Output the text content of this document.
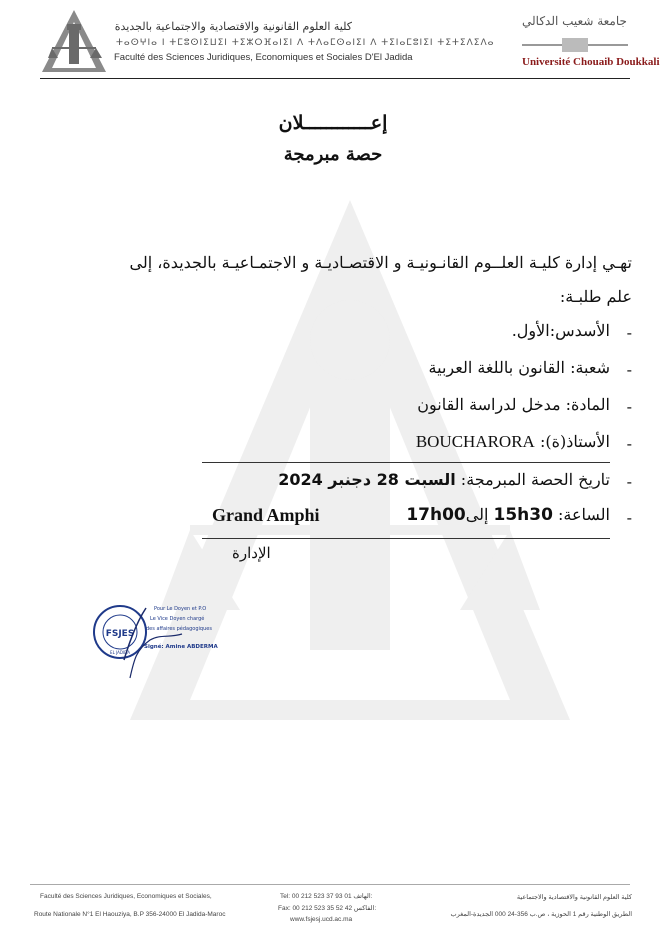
كلية العلوم القانونية والاقتصادية والاجتماعية بالجديدة
ⵜⴰⵙⵖⵏⴰ ⵏ ⵜⵎⵓⵙⵏⵉⵡⵉⵏ ⵜⵉⵣⵔⴼⴰⵏⵉⵏ ⴷ ⵜⴷⴰⵎⵙⴰⵏⵉⵏ ⴷ ⵜⵉⵏⴰⵎⵓⵏⵉⵏ ⵜⵉⵜⵉⴷⵉⴷⴰ
Faculté des Sciences Juridiques, Economiques et Sociales D'El Jadida
جامعة شعيب الدكالي
Université Chouaib Doukkali
إعــــــــــــلان
حصة مبرمجة
تهـي إدارة كليـة العلــوم القانـونيـة و الاقتصـاديـة و الاجتمـاعيـة بالجديدة، إلى
علم طلبـة:
-
الأسدس:الأول.
-
شعبة: القانون باللغة العربية
-
المادة: مدخل لدراسة القانون
-
الأستاذ(ة): BOUCHARORA
-
تاريخ الحصة المبرمجة: السبت 28 دجنبر 2024
-
الساعة: 15h30 إلى17h00
Grand Amphi
الإدارة
FSJES
EL JADIDA
Pour Le Doyen et P.O
Le Vice Doyen chargé
des affaires pédagogiques
Signé: Amine ABDERMA
Faculté des Sciences Juridiques, Economiques et Sociales,
Route Nationale N°1 El Haouziya, B.P 356-24000 El Jadida-Maroc
Tel: 00 212 523 37 93 01 الهاتف:
Fax: 00 212 523 35 52 42 الفاكس:
www.fsjesj.ucd.ac.ma
كلية العلوم القانونية والاقتصادية والاجتماعية
الطريق الوطنية رقم 1 الحوزية ، ص.ب 356-24 000 الجديدة-المغرب
